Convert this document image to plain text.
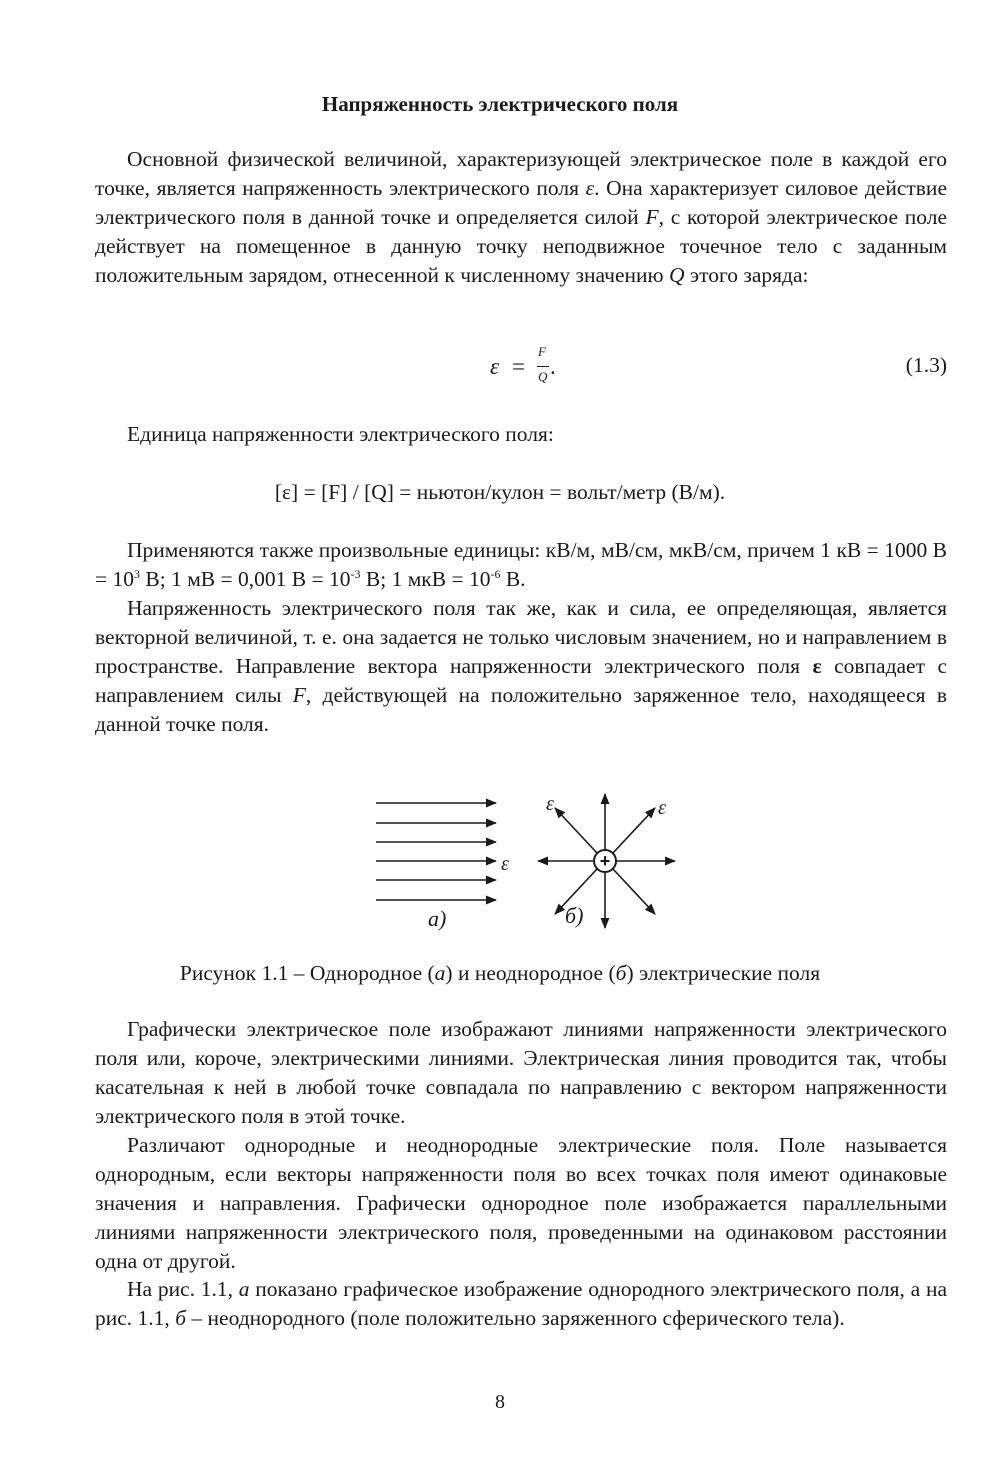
Напряженность электрического поля

Основной физической величиной, характеризующей электрическое поле в каждой его точке, является напряженность электрического поля ε. Она характеризует силовое действие электрического поля в данной точке и определяется силой F, с которой электрическое поле действует на помещенное в данную точку неподвижное точечное тело с заданным положительным зарядом, отнесенной к численному значению Q этого заряда:

ε =
F
Q .	(1.3)

Единица напряженности электрического поля:

[ε] = [F] / [Q] = ньютон/кулон = вольт/метр (В/м).

Применяются также произвольные единицы: кВ/м, мВ/см, мкВ/см, причем 1 кВ = 1000 $В = 10^3$ В; 1 мВ = 0,001 $В = 10^{-3}$ В; 1 мкВ = $10^{-6}$ В.

Напряженность электрического поля так же, как и сила, ее определяющая, является векторной величиной, т. е. она задается не только числовым значением, но и направлением в пространстве. Направление вектора напряженности электрического поля ε совпадает с направлением силы F, действующей на положительно заряженное тело, находящееся в данной точке поля.

+
ε
ε	ε
а)	б)
Рисунок 1.1 – Однородное (а) и неоднородное (б) электрические поля

Графически электрическое поле изображают линиями напряженности электрического поля или, короче, электрическими линиями. Электрическая линия проводится так, чтобы касательная к ней в любой точке совпадала по направлению с вектором напряженности электрического поля в этой точке.

Различают однородные и неоднородные электрические поля. Поле называется однородным, если векторы напряженности поля во всех точках поля имеют одинаковые значения и направления. Графически однородное поле изображается параллельными линиями напряженности электрического поля, проведенными на одинаковом расстоянии одна от другой.

На рис. 1.1, а показано графическое изображение однородного электрического поля, а на рис. 1.1, б – неоднородного (поле положительно заряженного сферического тела).

8
